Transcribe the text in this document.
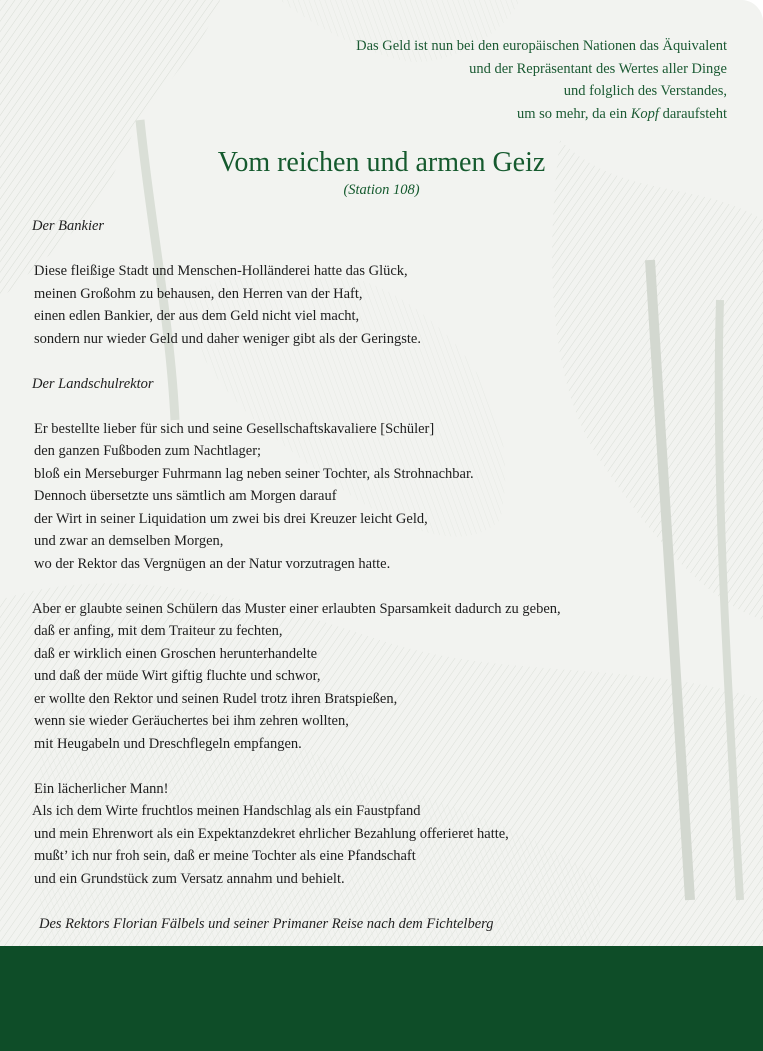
Das Geld ist nun bei den europäischen Nationen das Äquivalent
und der Repräsentant des Wertes aller Dinge
und folglich des Verstandes,
um so mehr, da ein Kopf daraufsteht
Vom reichen und armen Geiz
(Station 108)
Der Bankier
Diese fleißige Stadt und Menschen-Holländerei hatte das Glück,
meinen Großohm zu behausen, den Herren van der Haft,
einen edlen Bankier, der aus dem Geld nicht viel macht,
sondern nur wieder Geld und daher weniger gibt als der Geringste.
Der Landschulrektor
Er bestellte lieber für sich und seine Gesellschaftskavaliere [Schüler]
den ganzen Fußboden zum Nachtlager;
bloß ein Merseburger Fuhrmann lag neben seiner Tochter, als Strohnachbar.
Dennoch übersetzte uns sämtlich am Morgen darauf
der Wirt in seiner Liquidation um zwei bis drei Kreuzer leicht Geld,
und zwar an demselben Morgen,
wo der Rektor das Vergnügen an der Natur vorzutragen hatte.
Aber er glaubte seinen Schülern das Muster einer erlaubten Sparsamkeit dadurch zu geben,
daß er anfing, mit dem Traiteur zu fechten,
daß er wirklich einen Groschen herunterhandelte
und daß der müde Wirt giftig fluchte und schwor,
er wollte den Rektor und seinen Rudel trotz ihren Bratspießen,
wenn sie wieder Geräuchertes bei ihm zehren wollten,
mit Heugabeln und Dreschflegeln empfangen.
Ein lächerlicher Mann!
Als ich dem Wirte fruchtlos meinen Handschlag als ein Faustpfand
und mein Ehrenwort als ein Expektanzdekret ehrlicher Bezahlung offerieret hatte,
mußt’ ich nur froh sein, daß er meine Tochter als eine Pfandschaft
und ein Grundstück zum Versatz annahm und behielt.
Des Rektors Florian Fälbels und seiner Primaner Reise nach dem Fichtelberg
